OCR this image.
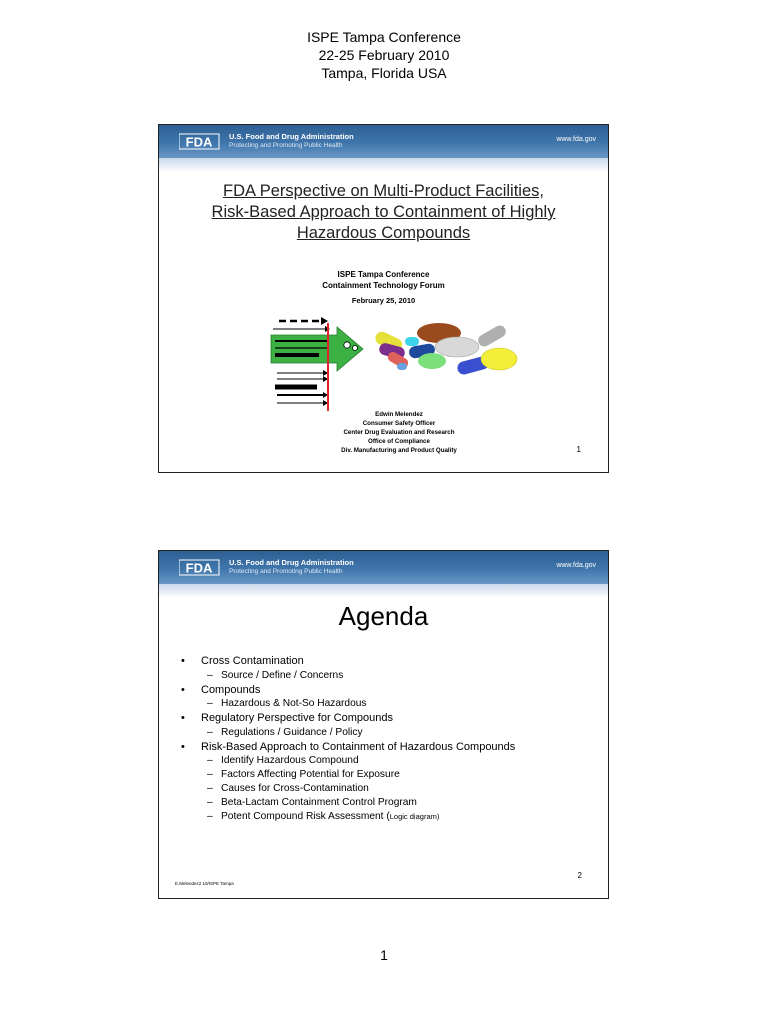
ISPE Tampa Conference
22-25 February 2010
Tampa, Florida USA
FDA U.S. Food and Drug Administration
Protecting and Promoting Public Health
www.fda.gov
FDA Perspective on Multi-Product Facilities,
Risk-Based Approach to Containment of Highly
Hazardous Compounds
ISPE Tampa Conference
Containment Technology Forum
February 25, 2010
Edwin Melendez
Consumer Safety Officer
Center Drug Evaluation and Research
Office of Compliance
Div. Manufacturing and Product Quality	1
FDA U.S. Food and Drug Administration
Protecting and Promoting Public Health
www.fda.gov
Agenda
•	Cross Contamination
– Source / Define / Concerns
•	Compounds
– Hazardous & Not-So Hazardous
•	Regulatory Perspective for Compounds
– Regulations / Guidance / Policy
•	Risk-Based Approach to Containment of Hazardous Compounds
– Identify Hazardous Compound
– Factors Affecting Potential for Exposure
– Causes for Cross-Contamination
– Beta-Lactam Containment Control Program
– Potent Compound Risk Assessment (Logic diagram)
2
E.Melendez2 10/ISPE Tampa
1
